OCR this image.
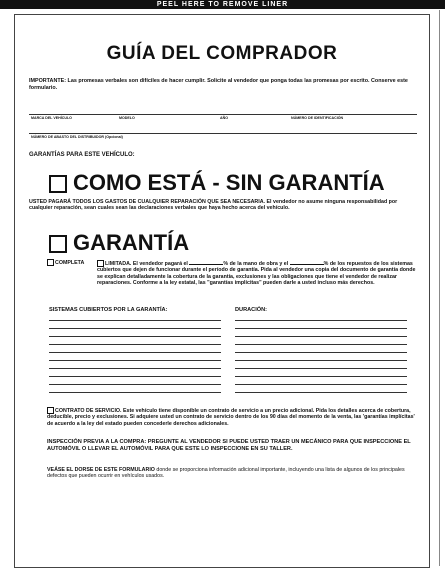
PEEL HERE TO REMOVE LINER
GUÍA DEL COMPRADOR
IMPORTANTE: Las promesas verbales son difíciles de hacer cumplir. Solicite al vendedor que ponga todas las promesas por escrito. Conserve este formulario.
MARCA DEL VEHÍCULO	MODELO	AÑO	NÚMERO DE IDENTIFICACIÓN
NÚMERO DE ABASTO DEL DISTRIBUIDOR (Opcional)
GARANTÍAS PARA ESTE VEHÍCULO:
COMO ESTÁ - SIN GARANTÍA
USTED PAGARÁ TODOS LOS GASTOS DE CUALQUIER REPARACIÓN QUE SEA NECESARIA. El vendedor no asume ninguna responsabilidad por cualquier reparación, sean cuales sean las declaraciones verbales que haya hecho acerca del vehículo.
GARANTÍA
COMPLETA	LIMITADA. El vendedor pagará el	% de la mano de obra y el	% de los repuestos de los sistemas cubiertos que dejen de funcionar durante el período de garantía. Pida al vendedor una copia del documento de garantía donde se explican detalladamente la cobertura de la garantía, exclusiones y las obligaciones que tiene el vendedor de realizar reparaciones. Conforme a la ley estatal, las "garantías implícitas" pueden darle a usted incluso más derechos.
SISTEMAS CUBIERTOS POR LA GARANTÍA:	DURACIÓN:
CONTRATO DE SERVICIO. Este vehículo tiene disponible un contrato de servicio a un precio adicional. Pida los detalles acerca de cobertura, deducible, precio y exclusiones. Si adquiere usted un contrato de servicio dentro de los 90 días del momento de la venta, las 'garantías implícitas' de acuerdo a la ley del estado pueden concederle derechos adicionales.
INSPECCIÓN PREVIA A LA COMPRA: PREGUNTE AL VENDEDOR SI PUEDE USTED TRAER UN MECÁNICO PARA QUE INSPECCIONE EL AUTOMÓVIL O LLEVAR EL AUTOMÓVIL PARA QUE ESTE LO INSPECCIONE EN SU TALLER.
VEÁSE EL DORSE DE ESTE FORMULARIO donde se proporciona información adicional importante, incluyendo una lista de algunos de los principales defectos que pueden ocurrir en vehículos usados.
